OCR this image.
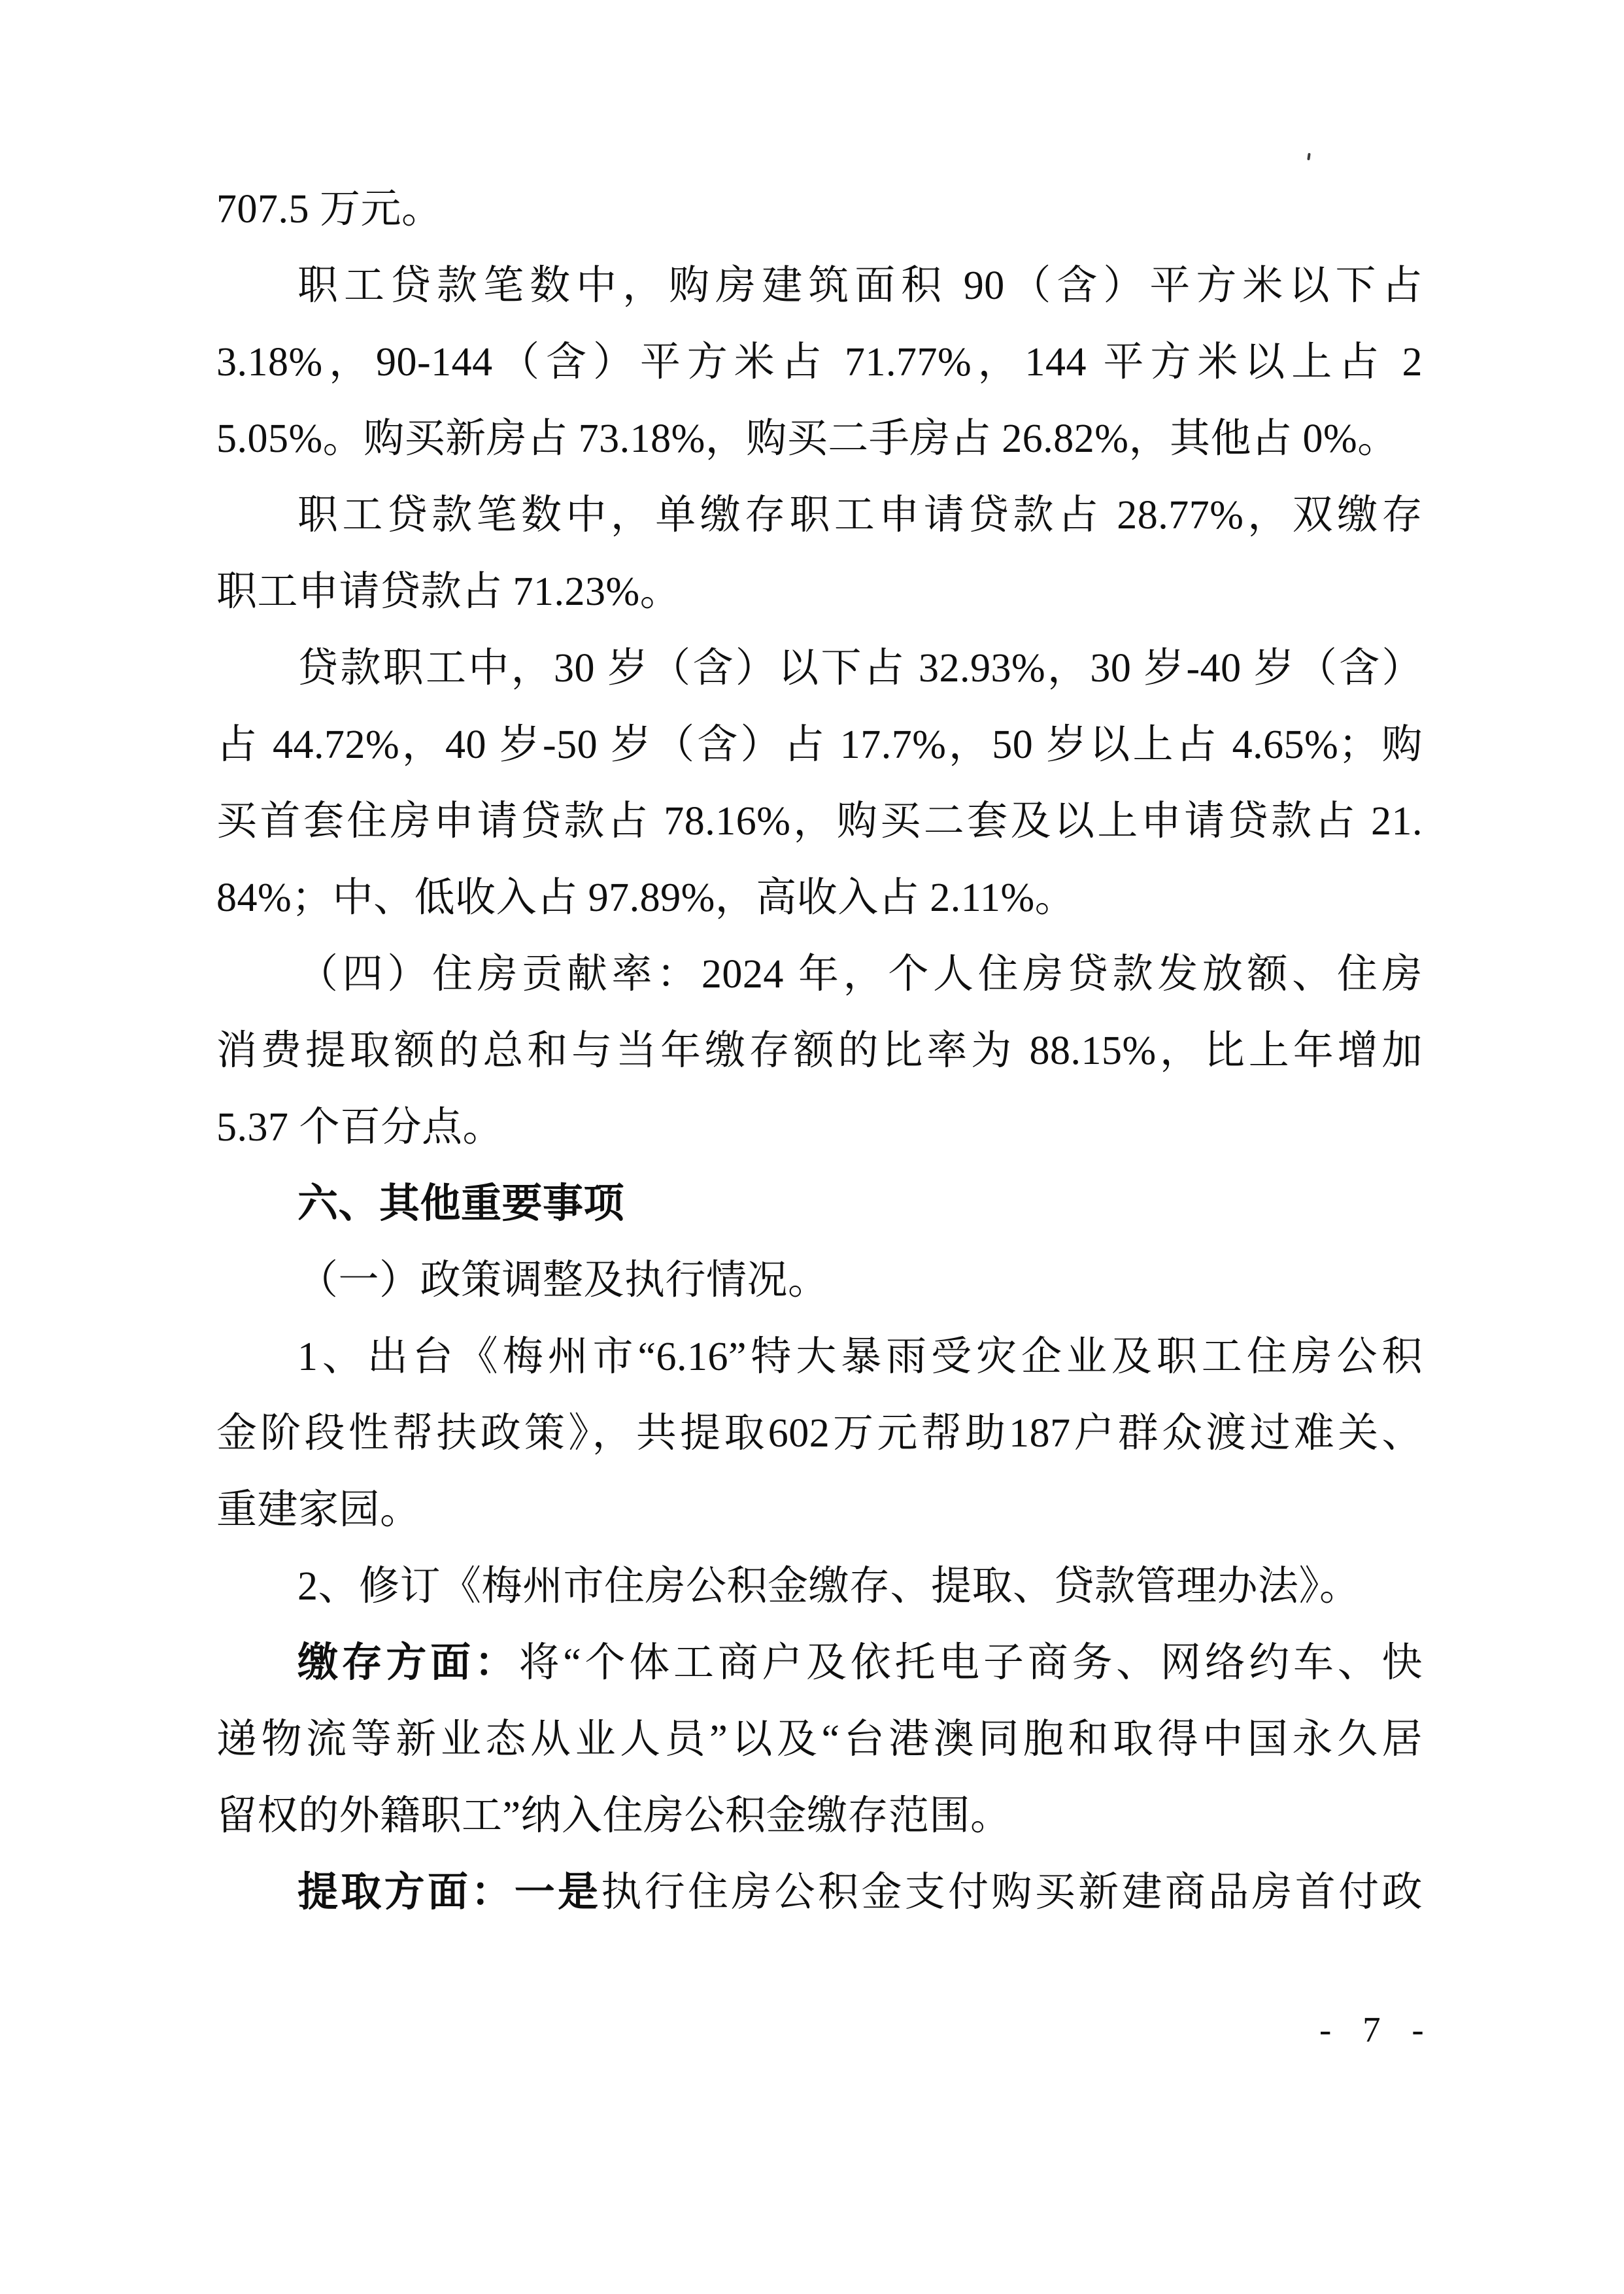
707.5 万元。

职工贷款笔数中，购房建筑面积 90（含）平方米以下占

3.18%，90-144（含）平方米占 71.77%，144 平方米以上占 2

5.05%。购买新房占 73.18%，购买二手房占 26.82%，其他占 0%。

职工贷款笔数中，单缴存职工申请贷款占 28.77%，双缴存

职工申请贷款占 71.23%。

贷款职工中，30 岁（含）以下占 32.93%，30 岁-40 岁（含）

占 44.72%，40 岁-50 岁（含）占 17.7%，50 岁以上占 4.65%；购

买首套住房申请贷款占 78.16%，购买二套及以上申请贷款占 21.

84%；中、低收入占 97.89%，高收入占 2.11%。

（四）住房贡献率：2024 年，个人住房贷款发放额、住房

消费提取额的总和与当年缴存额的比率为 88.15%，比上年增加

5.37 个百分点。

六、其他重要事项

（一）政策调整及执行情况。

1、出台《梅州市“6.16”特大暴雨受灾企业及职工住房公积

金阶段性帮扶政策》，共提取602万元帮助187户群众渡过难关、

重建家园。

2、修订《梅州市住房公积金缴存、提取、贷款管理办法》。

缴存方面：将“个体工商户及依托电子商务、网络约车、快

递物流等新业态从业人员”以及“台港澳同胞和取得中国永久居

留权的外籍职工”纳入住房公积金缴存范围。

提取方面：一是执行住房公积金支付购买新建商品房首付政

- 7 -
